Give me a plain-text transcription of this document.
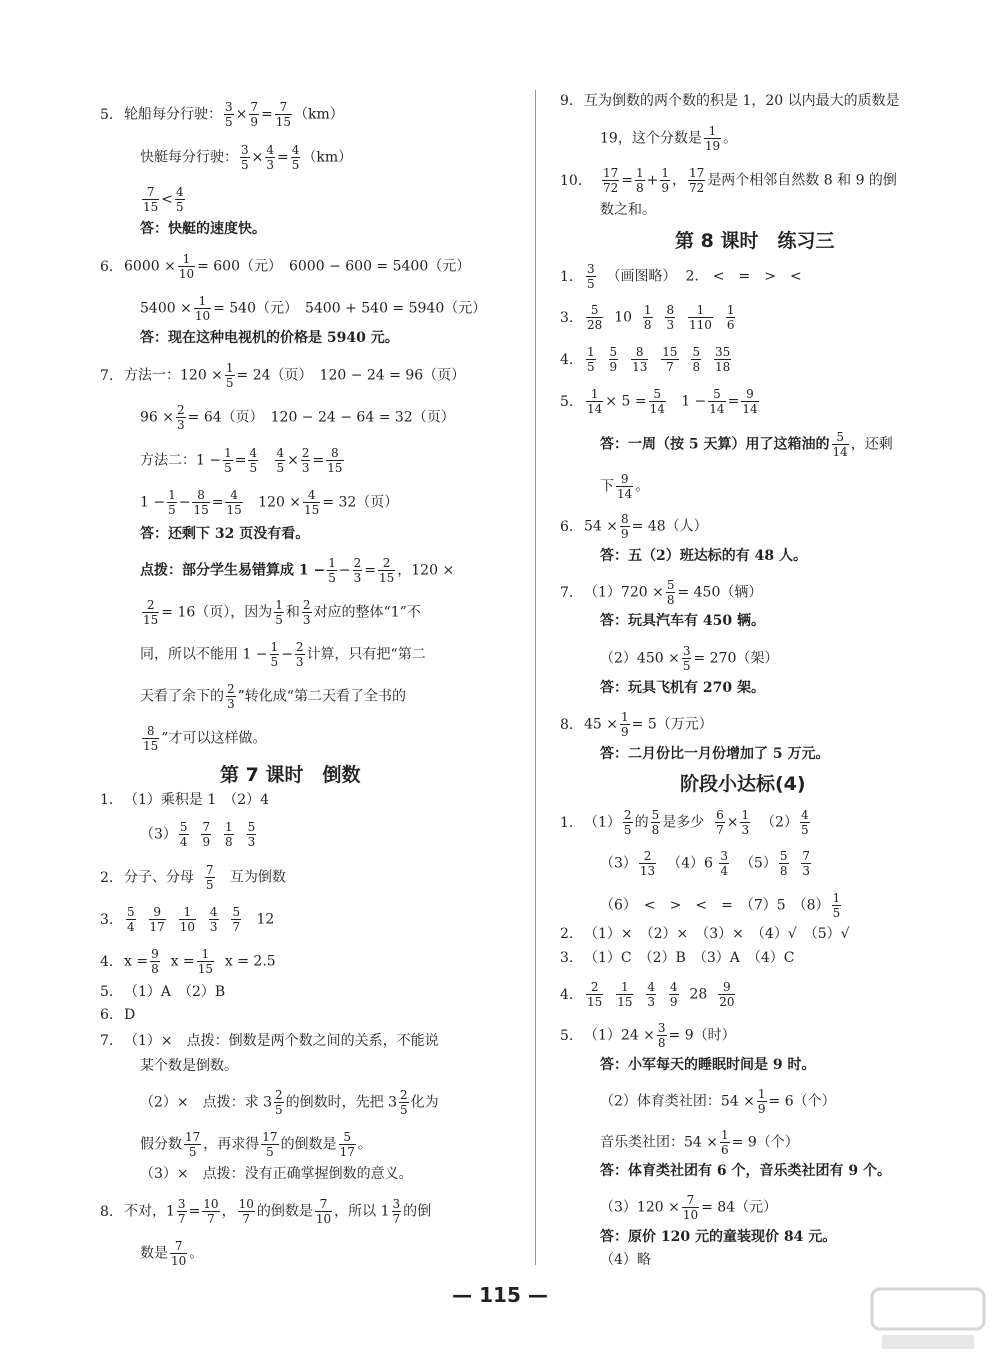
5. 轮船每分行驶： $\frac{3}{5} \times \frac{7}{9} = \frac{7}{15} (km)$
快艇每分行驶： $\frac{3}{5} \times \frac{4}{3} = \frac{4}{5} (km)$
$\frac{7}{15} < \frac{4}{5}$
答：快艇的速度快。
6. $6000 \times \frac{1}{10} = 600$（元）　6000 − 600 = 5400（元）
$5400 \times \frac{1}{10} = 540$（元）　5400 + 540 = 5940（元）
答：现在这种电视机的价格是 5940 元。
7. 方法一：$120 \times \frac{1}{5} = 24$（页）　120 − 24 = 96（页）
$96 \times \frac{2}{3} = 64$（页）　120 − 24 − 64 = 32（页）
方法二：$1 - \frac{1}{5} = \frac{4}{5}$
$\frac{4}{5} \times \frac{2}{3} = \frac{8}{15}$
$1 - \frac{1}{5} - \frac{8}{15} = \frac{4}{15} 120 \times \frac{4}{15} = 32$（页）
答：还剩下 32 页没有看。
点拨：部分学生易错算成 $1 - \frac{1}{5} - \frac{2}{3} = \frac{2}{15}$ ，120 ×
$\frac{2}{15} = 16$（页），因为 $\frac{1}{5}$ 和 $\frac{2}{3}$ 对应的整体“1”不
同，所以不能用 $1 - \frac{1}{5} - \frac{2}{3}$ 计算，只有把“第二
天看了余下的 $\frac{2}{3}$ ”转化成“第二天看了全书的
$\frac{8}{15}$ ”才可以这样做。
第 7 课时　倒数
1. （1）乘积是 1　（2）4
$(3) \frac{5}{4}$
$\frac{7}{9}$
$\frac{1}{8}$
$\frac{5}{3}$
2. 分子、分母 $\frac{7}{5}$ 互为倒数
3. $\frac{5}{4}$
$\frac{9}{17}$
$\frac{1}{10}$
$\frac{4}{3}$
$\frac{5}{7} 12$
4. $x = \frac{9}{8}$ $x = \frac{1}{15}$ x = 2.5
5. （1）A　（2）B
6. D
7. （1）×　点拨：倒数是两个数之间的关系，不能说
某个数是倒数。
（2）×　点拨：求 $3 \frac{2}{5}$ 的倒数时，先把 $3 \frac{2}{5}$ 化为
假分数 $\frac{17}{5}$ ，再求得 $\frac{17}{5}$ 的倒数是 $\frac{5}{17}$ 。
（3）×　点拨：没有正确掌握倒数的意义。
8. 不对，$1 \frac{3}{7} = \frac{10}{7}$ ， $\frac{10}{7}$ 的倒数是 $\frac{7}{10}$ ，所以 $1 \frac{3}{7}$ 的倒
数是 $\frac{7}{10}$ 。
9. 互为倒数的两个数的积是 1，20 以内最大的质数是
19，这个分数是 $\frac{1}{19}$ 。
10. $\frac{17}{72} = \frac{1}{8} + \frac{1}{9}$ ， $\frac{17}{72}$ 是两个相邻自然数 8 和 9 的倒
数之和。
第 8 课时　练习三
1. $\frac{3}{5}$ （画图略） 2.　<　=　>　<
3. $\frac{5}{28} 10 \frac{1}{8}$
$\frac{8}{3}$
$\frac{1}{110}$
$\frac{1}{6}$
4. $\frac{1}{5}$
$\frac{5}{9}$
$\frac{8}{13}$
$\frac{15}{7}$
$\frac{5}{8}$
$\frac{35}{18}$
5. $\frac{1}{14} \times 5 = \frac{5}{14} 1 - \frac{5}{14} = \frac{9}{14}$
答：一周（按 5 天算）用了这箱油的 $\frac{5}{14}$ ，还剩
下 $\frac{9}{14}$ 。
6. $54 \times \frac{8}{9} = 48$（人）
答：五（2）班达标的有 48 人。
7. $(1)720 \times \frac{5}{8} = 450$（辆）
答：玩具汽车有 450 辆。
$(2)450 \times \frac{3}{5} = 270$（架）
答：玩具飞机有 270 架。
8. $45 \times \frac{1}{9} = 5$（万元）
答：二月份比一月份增加了 5 万元。
阶段小达标(4)
1. $(1) \frac{2}{5}$ 的 $\frac{5}{8}$ 是多少 $\frac{6}{7} \times \frac{1}{3} (2) \frac{4}{5}$
$(3) \frac{2}{13} (4)6 \frac{3}{4} (5) \frac{5}{8}$
$\frac{7}{3}$
（6）　<　>　<　=　（7）5　$(8) \frac{1}{5}$
2. （1）×　（2）×　（3）×　（4）√　（5）√
3. （1）C　（2）B　（3）A　（4）C
4. $\frac{2}{15}$
$\frac{1}{15}$
$\frac{4}{3}$
$\frac{4}{9} 28 \frac{9}{20}$
5. $(1)24 \times \frac{3}{8} = 9$（时）
答：小军每天的睡眠时间是 9 时。
（2）体育类社团：$54 \times \frac{1}{9} = 6$（个）
音乐类社团：$54 \times \frac{1}{6} = 9$（个）
答：体育类社团有 6 个，音乐类社团有 9 个。
$(3)120 \times \frac{7}{10} = 84$（元）
答：原价 120 元的童装现价 84 元。
（4）略
— 115 —
